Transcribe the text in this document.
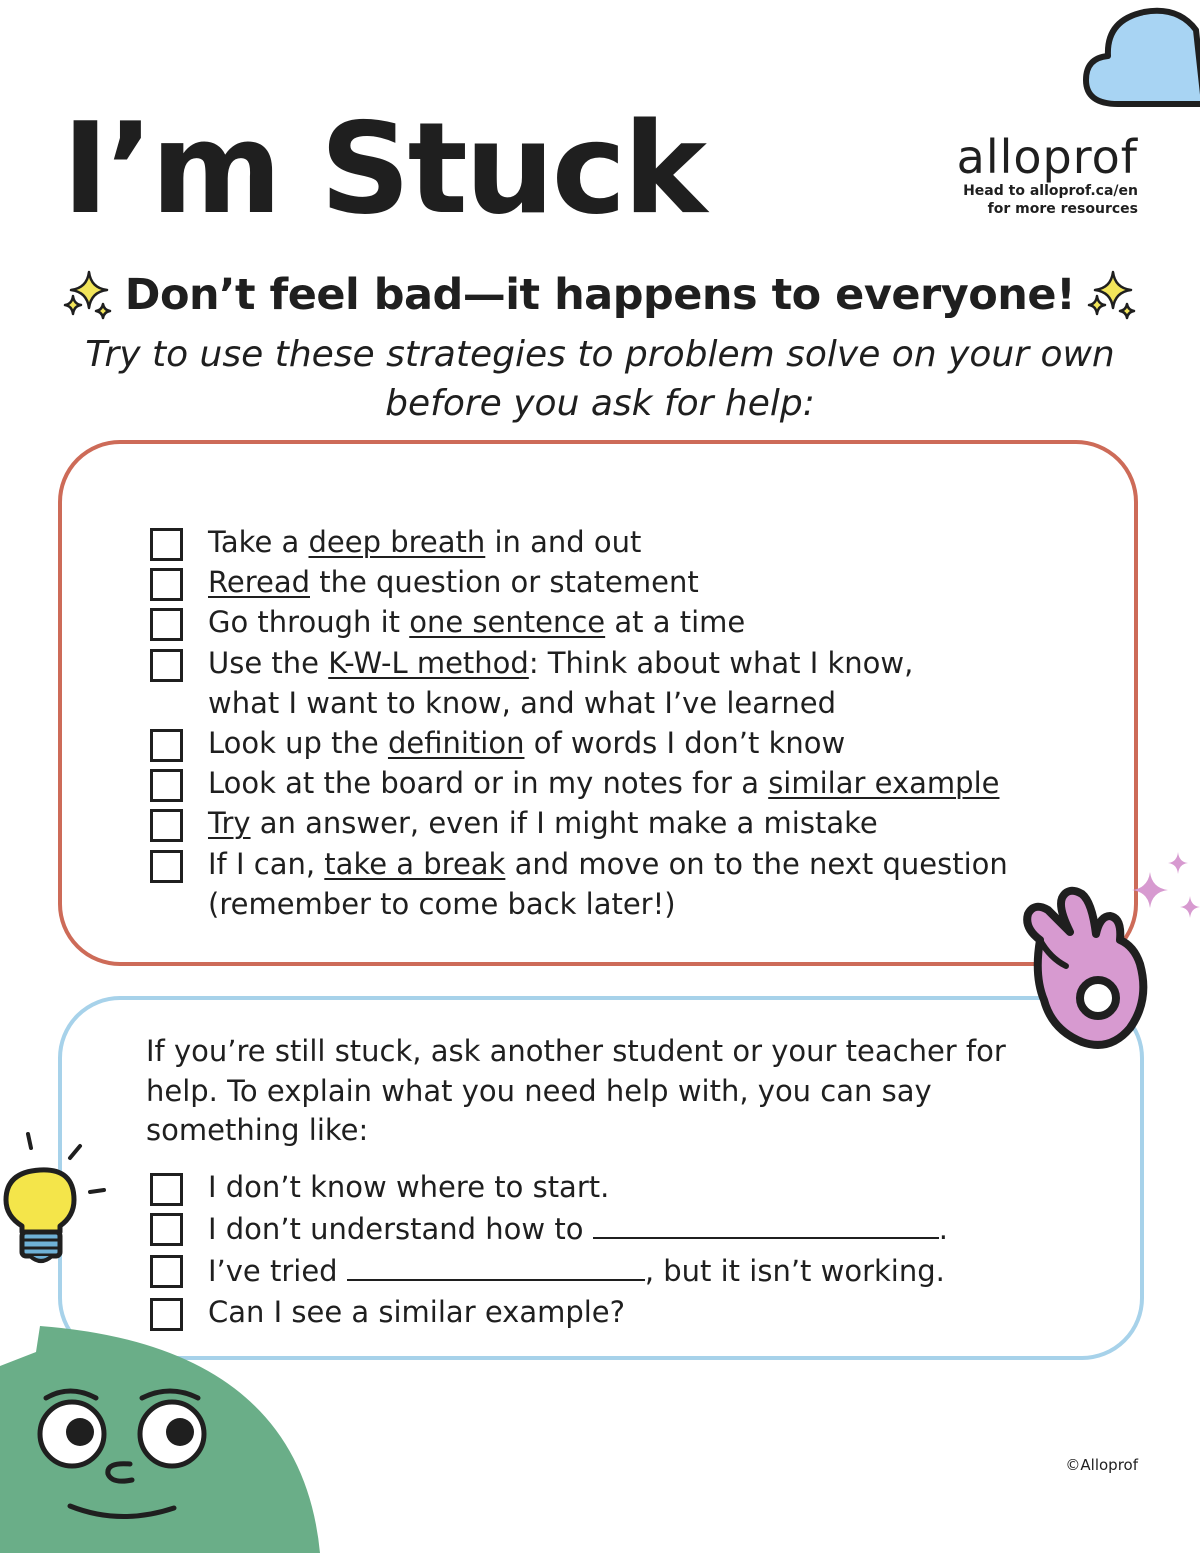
I’m Stuck	alloprof
Head to alloprof.ca/en
for more resources
Don’t feel bad—it happens to everyone!
Try to use these strategies to problem solve on your own
before you ask for help:
Take a deep breath in and out
Reread the question or statement
Go through it one sentence at a time
Use the K-W-L method: Think about what I know,
what I want to know, and what I’ve learned
Look up the definition of words I don’t know
Look at the board or in my notes for a similar example
Try an answer, even if I might make a mistake
If I can, take a break and move on to the next question
(remember to come back later!)
If you’re still stuck, ask another student or your teacher for
help. To explain what you need help with, you can say
something like:
I don’t know where to start.
I don’t understand how to	.
I’ve tried	, but it isn’t working.
Can I see a similar example?
©Alloprof
